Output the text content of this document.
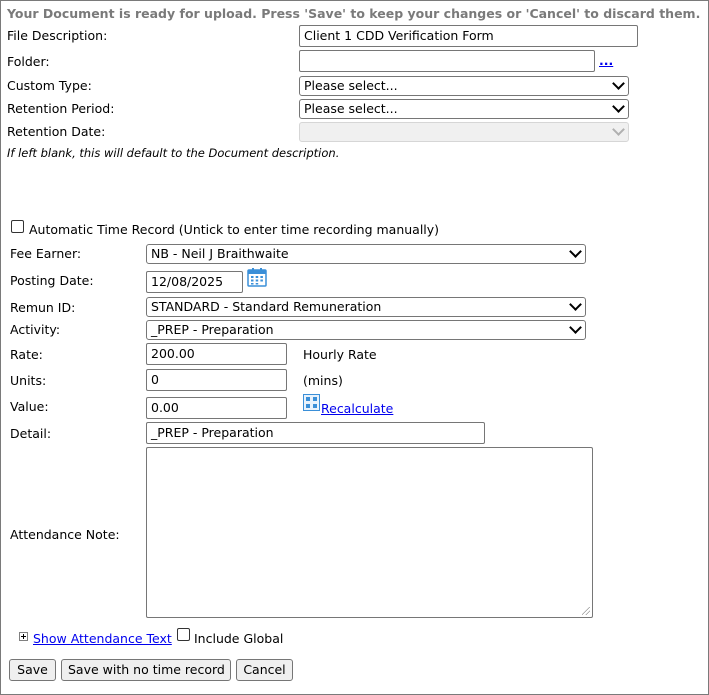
Your Document is ready for upload. Press 'Save' to keep your changes or 'Cancel' to discard them.
File Description:	Client 1 CDD Verification Form
Folder:	...
Custom Type:	Please select...
Retention Period:	Please select...
Retention Date:
If left blank, this will default to the Document description.
Automatic Time Record (Untick to enter time recording manually)
Fee Earner:	NB - Neil J Braithwaite
Posting Date:	12/08/2025
Remun ID:	STANDARD - Standard Remuneration
Activity:	_PREP - Preparation
Rate:	200.00	Hourly Rate
Units:	0	(mins)
Value:	0.00	Recalculate
Detail:	_PREP - Preparation
Attendance Note:
Show Attendance Text Include Global
Save	Save with no time record	Cancel
